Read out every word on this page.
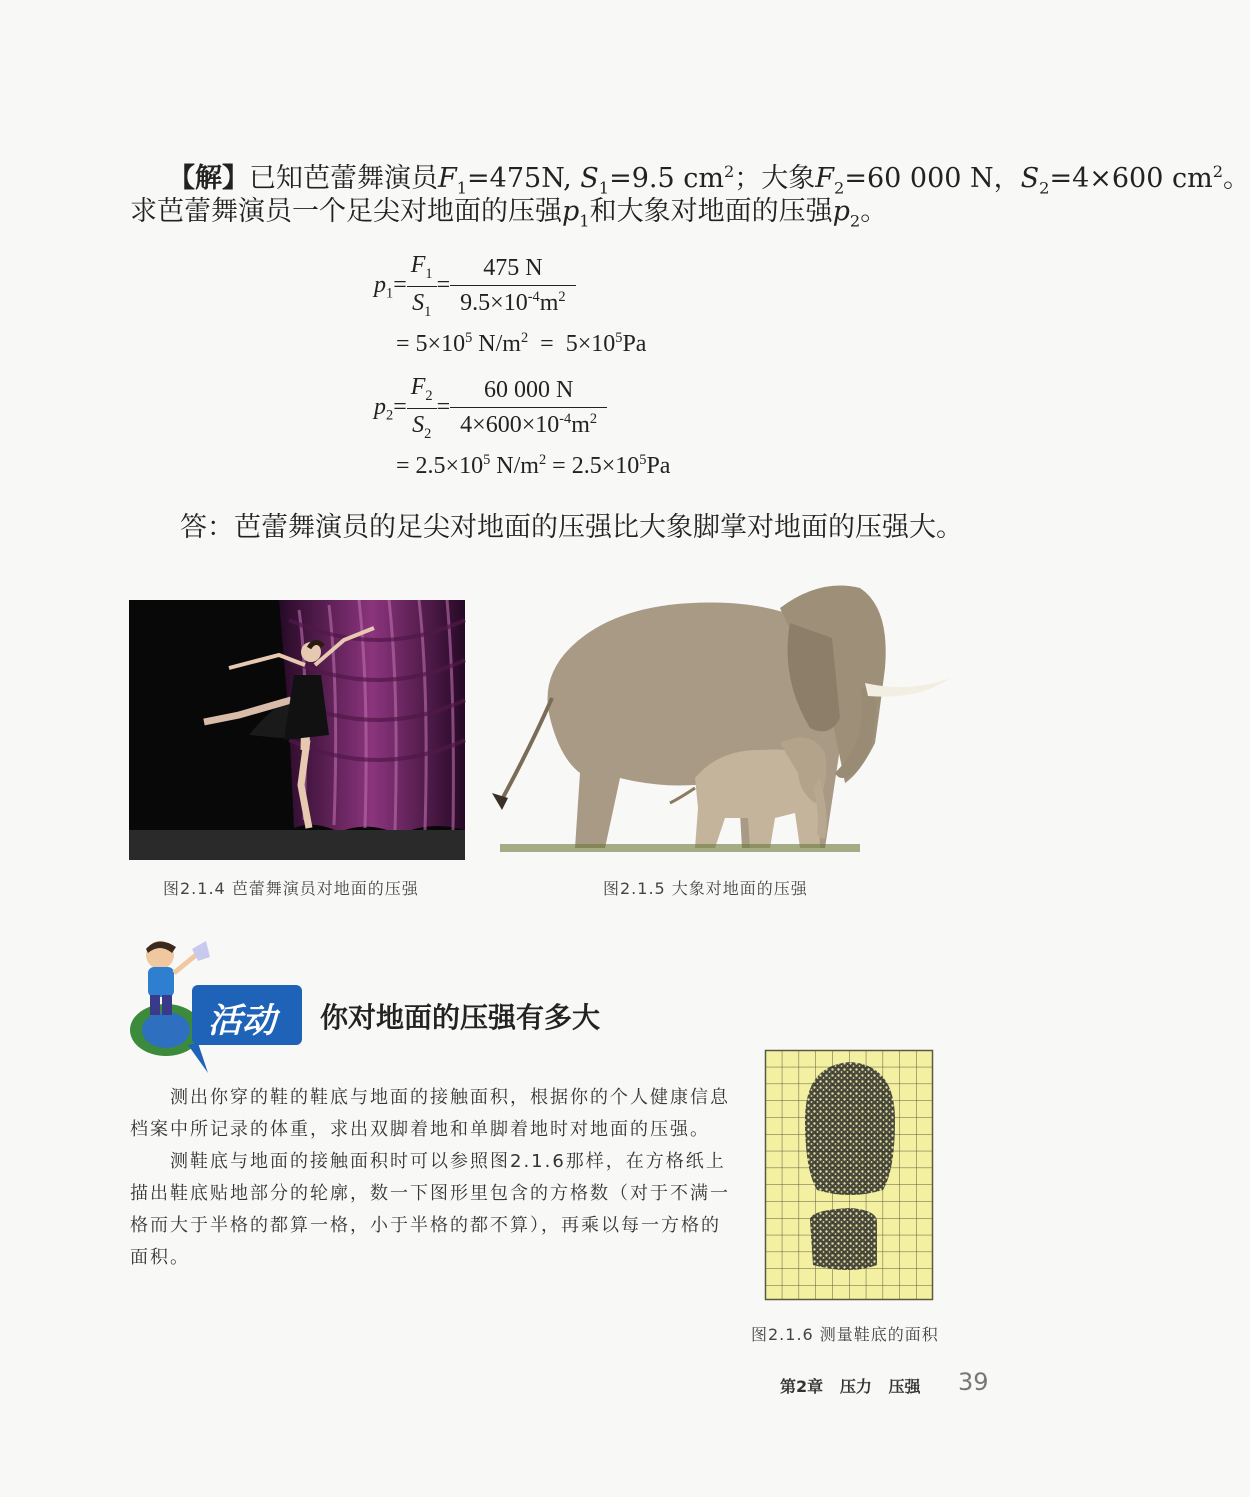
【解】已知芭蕾舞演员$F_1=475N$, $S_1=9.5$ $cm^2$；大象$F_2=60$ 000 N，$S_2=4\times 600$ $cm^2$。
求芭蕾舞演员一个足尖对地面的压强$p_1$和大象对地面的压强$p_2$。
$p_1= \frac{F_1}{S_1} = \frac{475 N}{9.5\times 10^{-4}m^2}$
= $5\times 10^5$ $N/m^2 = 5\times 10^5Pa$
$p_2= \frac{F_2}{S_2} = \frac{60 000 N}{4\times 600\times 10^{-4}m^2}$
= $2.5\times 10^5$ $N/m^2 = 2.5\times 10^5Pa$
答：芭蕾舞演员的足尖对地面的压强比大象脚掌对地面的压强大。
图2.1.4 芭蕾舞演员对地面的压强	图2.1.5 大象对地面的压强
活动 你对地面的压强有多大
测出你穿的鞋的鞋底与地面的接触面积，根据你的个人健康信息档案中所记录的体重，求出双脚着地和单脚着地时对地面的压强。
测鞋底与地面的接触面积时可以参照图2.1.6那样，在方格纸上描出鞋底贴地部分的轮廓，数一下图形里包含的方格数（对于不满一格而大于半格的都算一格，小于半格的都不算），再乘以每一方格的面积。
图2.1.6 测量鞋底的面积
第2章   压力   压强 39
